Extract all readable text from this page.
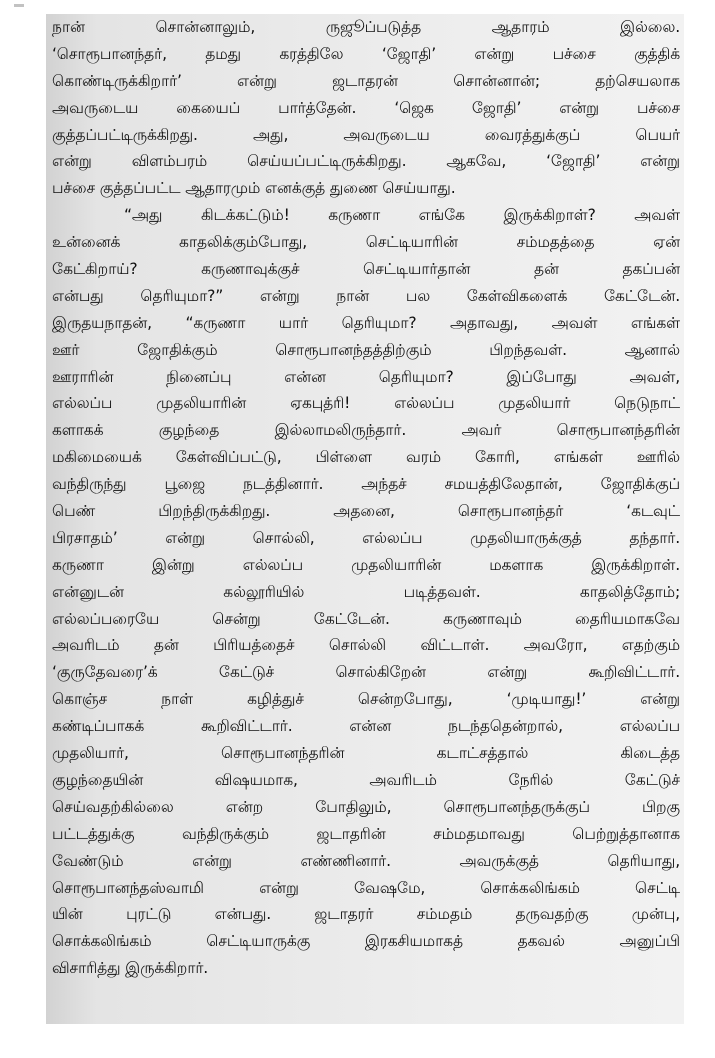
நான் சொன்னாலும், ருஜூப்படுத்த ஆதாரம் இல்லை.
‘சொரூபானந்தர், தமது கரத்திலே ‘ஜோதி’ என்று பச்சை குத்திக்
கொண்டிருக்கிறார்’ என்று ஜடாதரன் சொன்னான்; தற்செயலாக
அவருடைய கையைப் பார்த்தேன். ‘ஜெக ஜோதி’ என்று பச்சை
குத்தப்பட்டிருக்கிறது. அது, அவருடைய வைரத்துக்குப் பெயர்
என்று விளம்பரம் செய்யப்பட்டிருக்கிறது. ஆகவே, ‘ஜோதி’ என்று
பச்சை குத்தப்பட்ட ஆதாரமும் எனக்குத் துணை செய்யாது.
“அது கிடக்கட்டும்! கருணா எங்கே இருக்கிறாள்? அவள்
உன்னைக் காதலிக்கும்போது, செட்டியாரின் சம்மதத்தை ஏன்
கேட்கிறாய்? கருணாவுக்குச் செட்டியார்தான் தன் தகப்பன்
என்பது தெரியுமா?” என்று நான் பல கேள்விகளைக் கேட்டேன்.
இருதயநாதன், “கருணா யார் தெரியுமா? அதாவது, அவள் எங்கள்
ஊர் ஜோதிக்கும் சொரூபானந்தத்திற்கும் பிறந்தவள். ஆனால்
ஊராரின் நினைப்பு என்ன தெரியுமா? இப்போது அவள்,
எல்லப்ப முதலியாரின் ஏகபுத்ரி! எல்லப்ப முதலியார் நெடுநாட்
களாகக் குழந்தை இல்லாமலிருந்தார். அவர் சொரூபானந்தரின்
மகிமையைக் கேள்விப்பட்டு, பிள்ளை வரம் கோரி, எங்கள் ஊரில்
வந்திருந்து பூஜை நடத்தினார். அந்தச் சமயத்திலேதான், ஜோதிக்குப்
பெண் பிறந்திருக்கிறது. அதனை, சொரூபானந்தர் ‘கடவுட்
பிரசாதம்’ என்று சொல்லி, எல்லப்ப முதலியாருக்குத் தந்தார்.
கருணா இன்று எல்லப்ப முதலியாரின் மகளாக இருக்கிறாள்.
என்னுடன் கல்லூரியில் படித்தவள். காதலித்தோம்;
எல்லப்பரையே சென்று கேட்டேன். கருணாவும் தைரியமாகவே
அவரிடம் தன் பிரியத்தைச் சொல்லி விட்டாள். அவரோ, எதற்கும்
‘குருதேவரை’க் கேட்டுச் சொல்கிறேன் என்று கூறிவிட்டார்.
கொஞ்ச நாள் கழித்துச் சென்றபோது, ‘முடியாது!’ என்று
கண்டிப்பாகக் கூறிவிட்டார். என்ன நடந்ததென்றால், எல்லப்ப
முதலியார், சொரூபானந்தரின் கடாட்சத்தால் கிடைத்த
குழந்தையின் விஷயமாக, அவரிடம் நேரில் கேட்டுச்
செய்வதற்கில்லை என்ற போதிலும், சொரூபானந்தருக்குப் பிறகு
பட்டத்துக்கு வந்திருக்கும் ஜடாதரின் சம்மதமாவது பெற்றுத்தானாக
வேண்டும் என்று எண்ணினார். அவருக்குத் தெரியாது,
சொரூபானந்தஸ்வாமி என்று வேஷமே, சொக்கலிங்கம் செட்டி
யின் புரட்டு என்பது. ஜடாதரர் சம்மதம் தருவதற்கு முன்பு,
சொக்கலிங்கம் செட்டியாருக்கு இரகசியமாகத் தகவல் அனுப்பி
விசாரித்து இருக்கிறார்.
